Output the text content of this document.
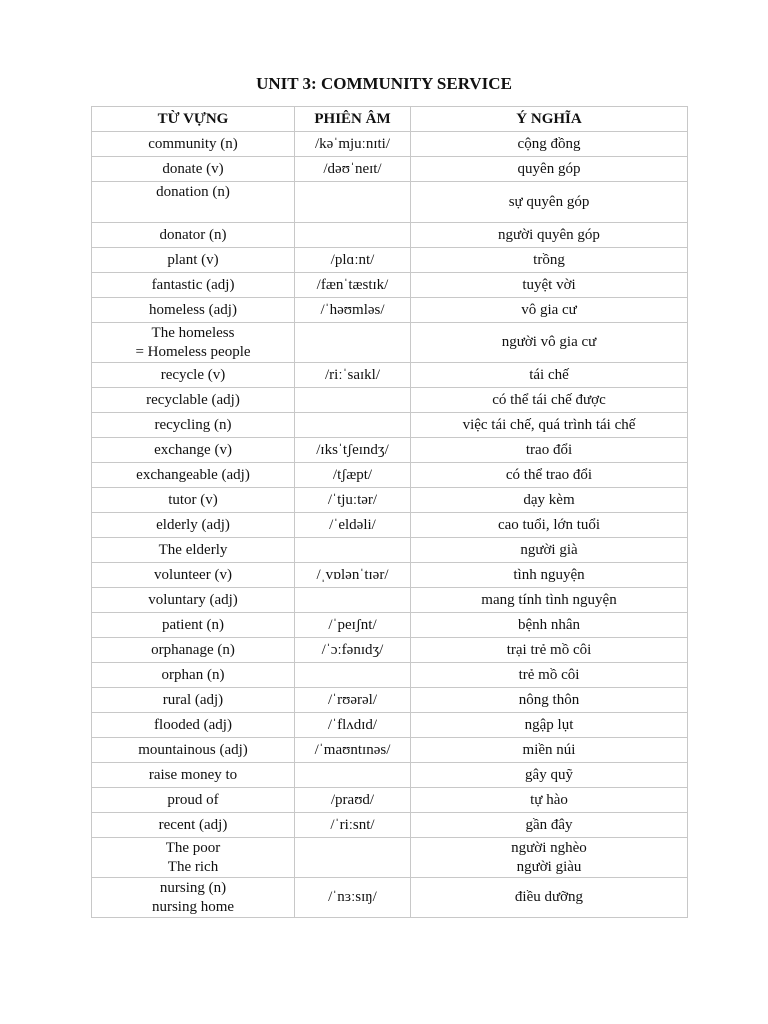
UNIT 3: COMMUNITY SERVICE
TỪ VỰNG	PHIÊN ÂM	Ý NGHĨA

community (n)	/kəˈmjuːnɪti/	cộng đồng

donate (v)	/dəʊˈneɪt/	quyên góp

donation (n)		sự quyên góp

donator (n)		người quyên góp

plant (v)	/plɑːnt/	trồng

fantastic (adj)	/fænˈtæstɪk/	tuyệt vời

homeless (adj)	/ˈhəʊmləs/	vô gia cư

The homeless
= Homeless people		người vô gia cư

recycle (v)	/riːˈsaɪkl/	tái chế

recyclable (adj)		có thể tái chế được

recycling (n)		việc tái chế, quá trình tái chế

exchange (v)	/ɪksˈtʃeɪndʒ/	trao đổi

exchangeable (adj)	/tʃæpt/	có thể trao đổi

tutor (v)	/ˈtjuːtər/	dạy kèm

elderly (adj)	/ˈeldəli/	cao tuổi, lớn tuổi

The elderly		người già

volunteer (v)	/ˌvɒlənˈtɪər/	tình nguyện

voluntary (adj)		mang tính tình nguyện

patient (n)	/ˈpeɪʃnt/	bệnh nhân

orphanage (n)	/ˈɔːfənɪdʒ/	trại trẻ mồ côi

orphan (n)		trẻ mồ côi

rural (adj)	/ˈrʊərəl/	nông thôn

flooded (adj)	/ˈflʌdɪd/	ngập lụt

mountainous (adj)	/ˈmaʊntɪnəs/	miền núi

raise money to		gây quỹ

proud of	/praʊd/	tự hào

recent (adj)	/ˈriːsnt/	gần đây

The poor
The rich		người nghèo
người giàu

nursing (n)
nursing home	/ˈnɜːsɪŋ/	điều dưỡng
